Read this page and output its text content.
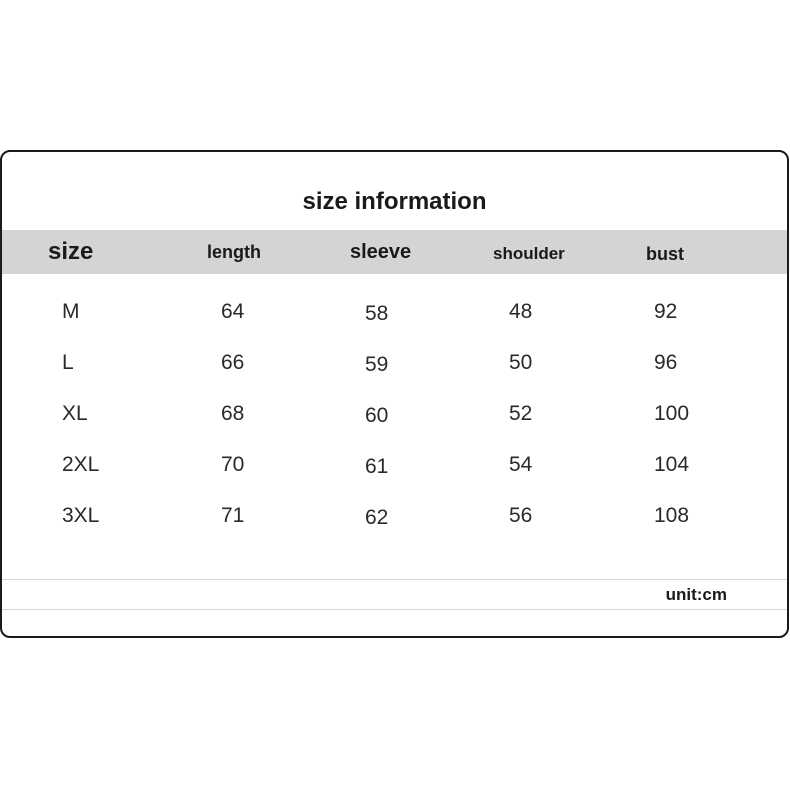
size information
size	length	sleeve	shoulder	bust
M	64	58	48	92
L	66	59	50	96
XL	68	60	52	100
2XL	70	61	54	104
3XL	71	62	56	108
unit:cm
